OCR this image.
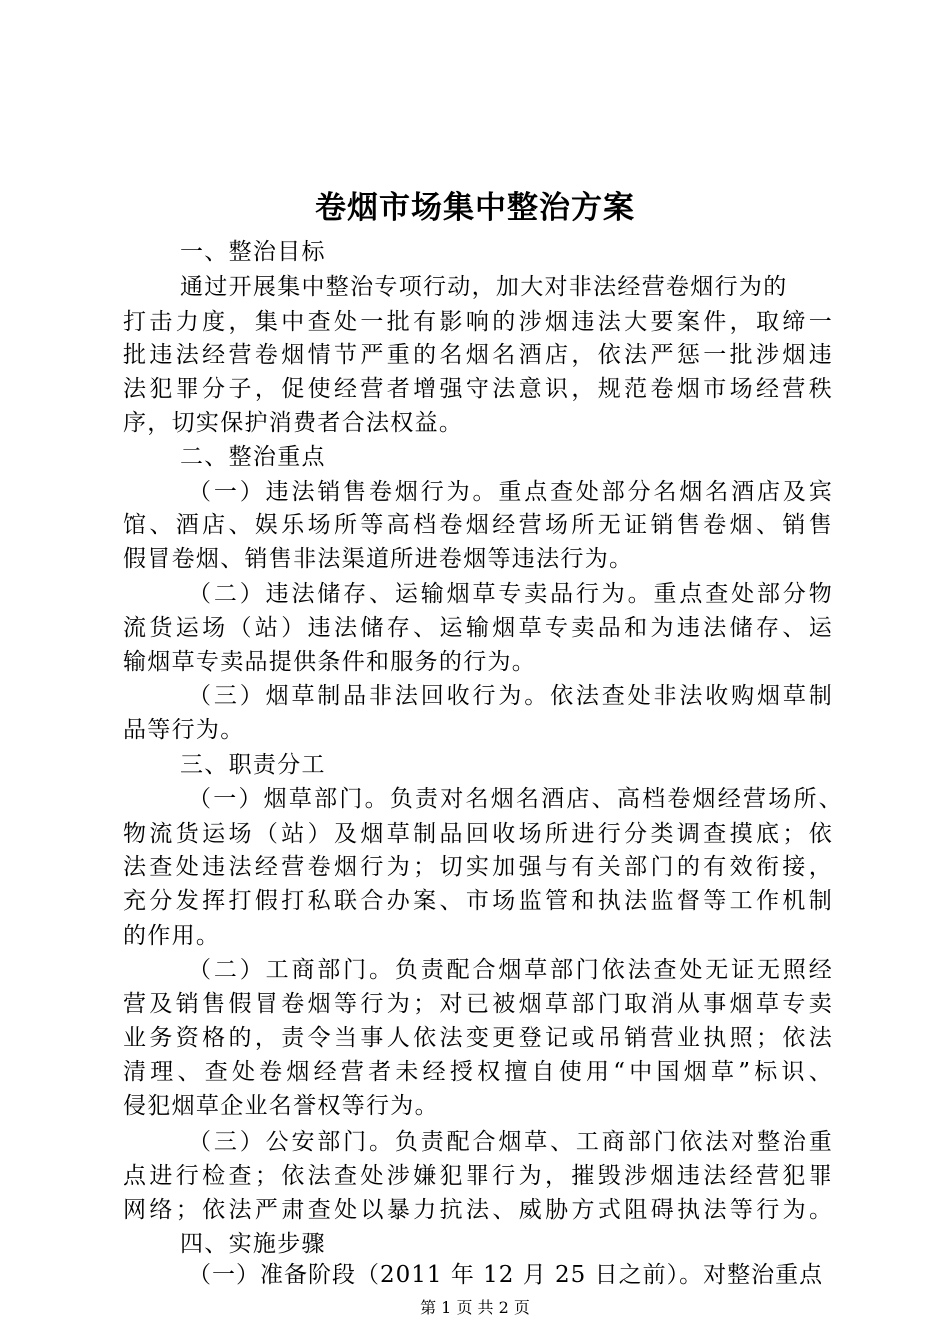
卷烟市场集中整治方案
一、整治目标
通过开展集中整治专项行动，加大对非法经营卷烟行为的
打击力度，集中查处一批有影响的涉烟违法大要案件，取缔一
批违法经营卷烟情节严重的名烟名酒店，依法严惩一批涉烟违
法犯罪分子，促使经营者增强守法意识，规范卷烟市场经营秩
序，切实保护消费者合法权益。
二、整治重点
（一）违法销售卷烟行为。重点查处部分名烟名酒店及宾
馆、酒店、娱乐场所等高档卷烟经营场所无证销售卷烟、销售
假冒卷烟、销售非法渠道所进卷烟等违法行为。
（二）违法储存、运输烟草专卖品行为。重点查处部分物
流货运场（站）违法储存、运输烟草专卖品和为违法储存、运
输烟草专卖品提供条件和服务的行为。
（三）烟草制品非法回收行为。依法查处非法收购烟草制
品等行为。
三、职责分工
（一）烟草部门。负责对名烟名酒店、高档卷烟经营场所、
物流货运场（站）及烟草制品回收场所进行分类调查摸底；依
法查处违法经营卷烟行为；切实加强与有关部门的有效衔接，
充分发挥打假打私联合办案、市场监管和执法监督等工作机制
的作用。
（二）工商部门。负责配合烟草部门依法查处无证无照经
营及销售假冒卷烟等行为；对已被烟草部门取消从事烟草专卖
业务资格的，责令当事人依法变更登记或吊销营业执照；依法
清理、查处卷烟经营者未经授权擅自使用“中国烟草”标识、
侵犯烟草企业名誉权等行为。
（三）公安部门。负责配合烟草、工商部门依法对整治重
点进行检查；依法查处涉嫌犯罪行为，摧毁涉烟违法经营犯罪
网络；依法严肃查处以暴力抗法、威胁方式阻碍执法等行为。
四、实施步骤
（一）准备阶段（2011 年 12 月 25 日之前）。对整治重点
第 1 页 共 2 页
